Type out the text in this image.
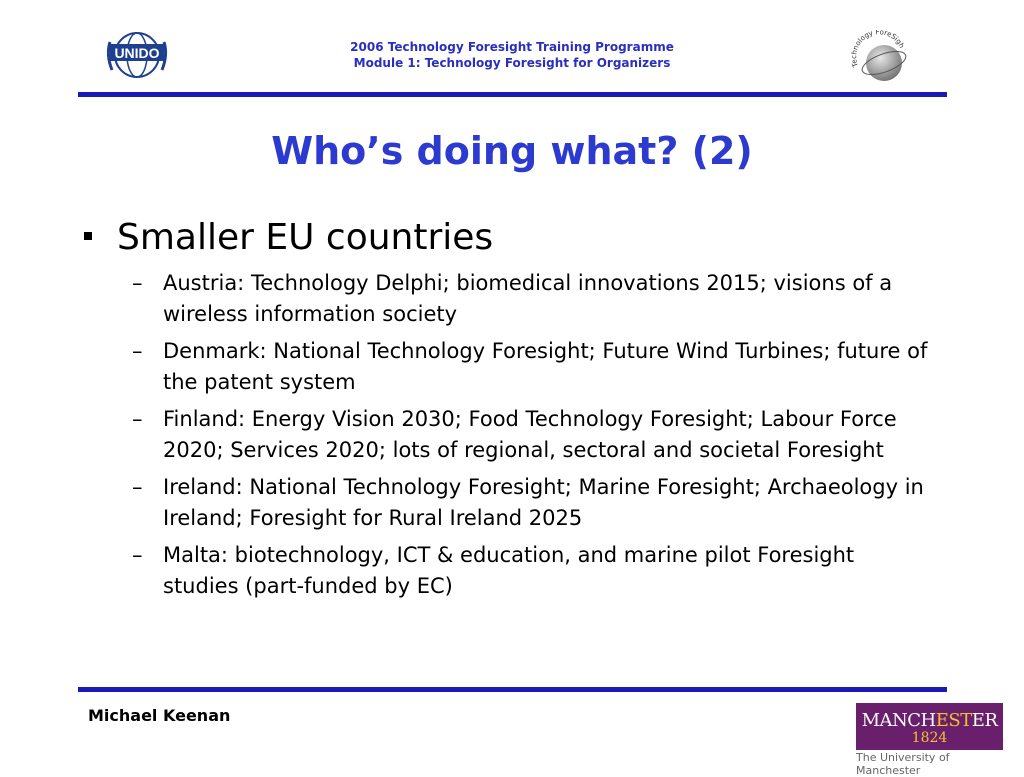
UNIDO	2006 Technology Foresight Training Programme
Module 1: Technology Foresight for Organizers	Technology ForeSigh
Who’s doing what? (2)
Smaller EU countries
– Austria: Technology Delphi; biomedical innovations 2015; visions of a wireless information society
– Denmark: National Technology Foresight; Future Wind Turbines; future of the patent system
– Finland: Energy Vision 2030; Food Technology Foresight; Labour Force 2020; Services 2020; lots of regional, sectoral and societal Foresight
– Ireland: National Technology Foresight; Marine Foresight; Archaeology in Ireland; Foresight for Rural Ireland 2025
– Malta: biotechnology, ICT & education, and marine pilot Foresight studies (part-funded by EC)
Michael Keenan	MANCHESTER
1824
The University of Manchester
